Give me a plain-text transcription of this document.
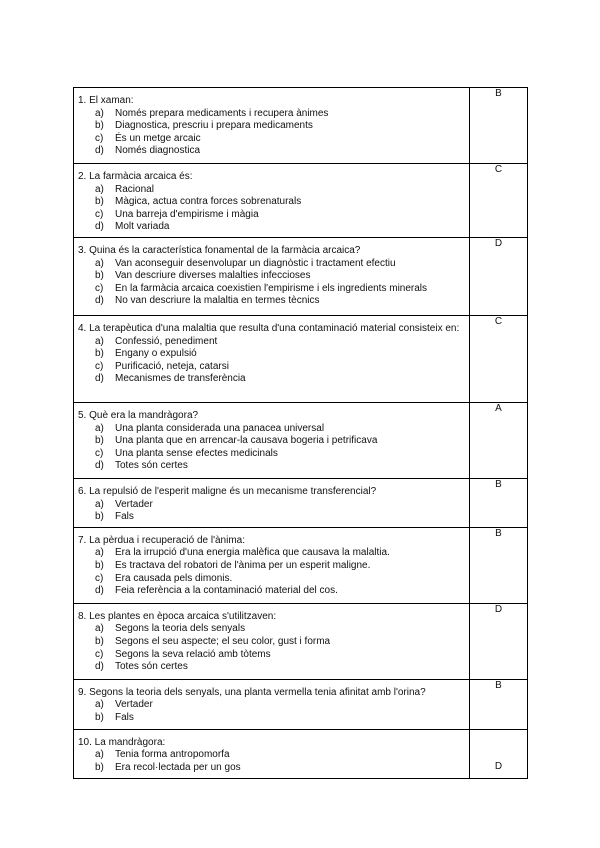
1. El xaman:
a) Només prepara medicaments i recupera ànimes
b) Diagnostica, prescriu i prepara medicaments
c) És un metge arcaic
d) Només diagnostica	B

2. La farmàcia arcaica és:
a) Racional
b) Màgica, actua contra forces sobrenaturals
c) Una barreja d'empirisme i màgia
d) Molt variada	C

3. Quina és la característica fonamental de la farmàcia arcaica?
a) Van aconseguir desenvolupar un diagnòstic i tractament efectiu
b) Van descriure diverses malalties infeccioses
c) En la farmàcia arcaica coexistien l'empirisme i els ingredients minerals
d) No van descriure la malaltia en termes tècnics	D

4. La terapèutica d'una malaltia que resulta d'una contaminació material consisteix en:
a) Confessió, penediment
b) Engany o expulsió
c) Purificació, neteja, catarsi
d) Mecanismes de transferència	C

5. Què era la mandràgora?
a) Una planta considerada una panacea universal
b) Una planta que en arrencar-la causava bogeria i petrificava
c) Una planta sense efectes medicinals
d) Totes són certes	A

6. La repulsió de l'esperit maligne és un mecanisme transferencial?
a) Vertader
b) Fals	B

7. La pèrdua i recuperació de l'ànima:
a) Era la irrupció d'una energia malèfica que causava la malaltia.
b) Es tractava del robatori de l'ànima per un esperit maligne.
c) Era causada pels dimonis.
d) Feia referència a la contaminació material del cos.	B

8. Les plantes en època arcaica s'utilitzaven:
a) Segons la teoria dels senyals
b) Segons el seu aspecte; el seu color, gust i forma
c) Segons la seva relació amb tòtems
d) Totes són certes	D

9. Segons la teoria dels senyals, una planta vermella tenia afinitat amb l'orina?
a) Vertader
b) Fals	B

10. La mandràgora:
a) Tenia forma antropomorfa
b) Era recol·lectada per un gos	D
